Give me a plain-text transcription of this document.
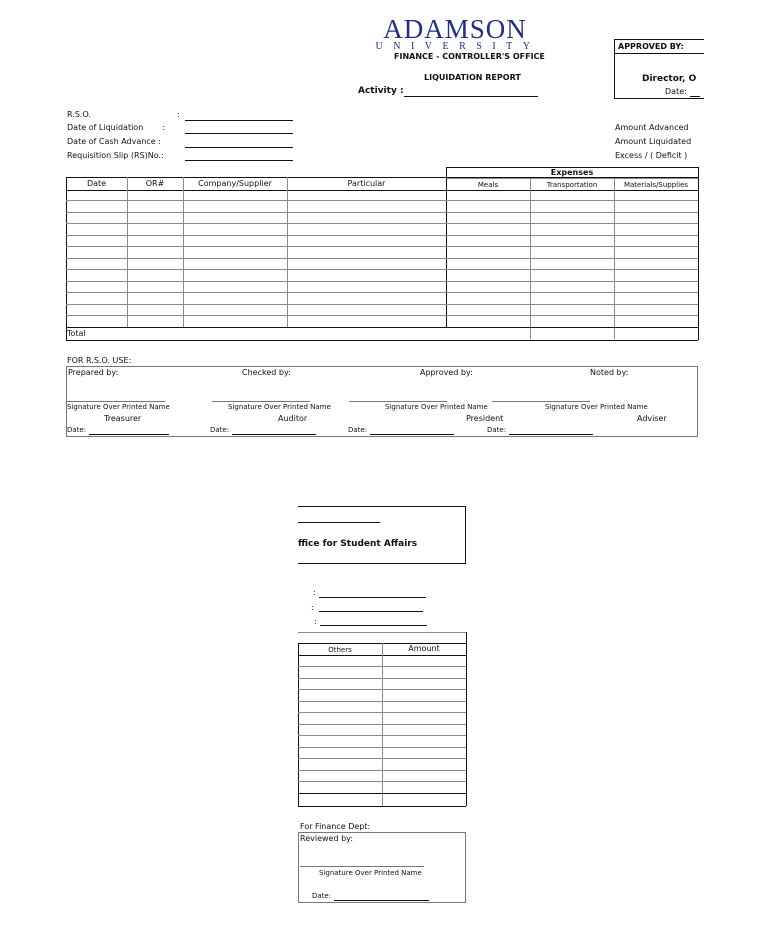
ADAMSON
UNIVERSITY
FINANCE - CONTROLLER'S OFFICE
LIQUIDATION REPORT
Activity :
APPROVED BY:
Director, O
Date:
R.S.O.	:
Date of Liquidation :
Date of Cash Advance :
Requisition Slip (RS)No.:
Amount Advanced
Amount Liquidated
Excess / ( Deficit )
Expenses
Date	OR#	Company/Supplier	Particular	Meals	Transportation	Materials/Supplies
Total
FOR R.S.O. USE:
Prepared by:	Checked by:	Approved by:	Noted by:
Signature Over Printed Name	Signature Over Printed Name	Signature Over Printed Name	Signature Over Printed Name
Treasurer	Auditor	President	Adviser
Date:	Date:	Date:	Date:
ffice for Student Affairs
:
:
:
Others	Amount
For Finance Dept:
Reviewed by:
Signature Over Printed Name
Date:
